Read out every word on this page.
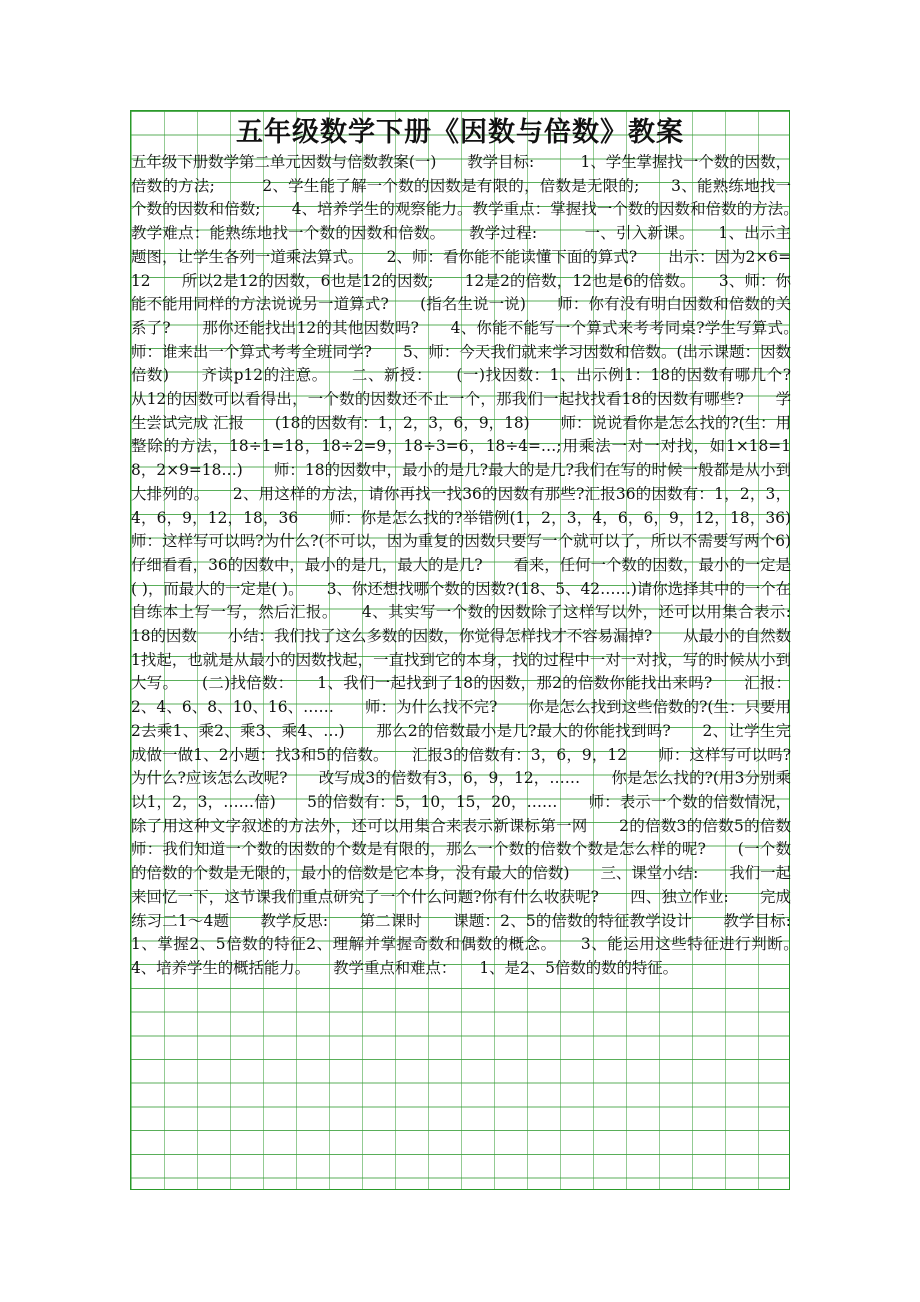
五年级数学下册《因数与倍数》教案

五年级下册数学第二单元因数与倍数教案(一)　　教学目标:　　　1、学生掌握找一个数的因数，倍数的方法;　　　2、学生能了解一个数的因数是有限的，倍数是无限的;　　3、能熟练地找一个数的因数和倍数;　　4、培养学生的观察能力。教学重点：掌握找一个数的因数和倍数的方法。　　教学难点：能熟练地找一个数的因数和倍数。　　教学过程:　　　一、引入新课。　　1、出示主题图，让学生各列一道乘法算式。　　2、师：看你能不能读懂下面的算式?　　出示：因为2×6=12　　所以2是12的因数，6也是12的因数;　　12是2的倍数，12也是6的倍数。　　3、师：你能不能用同样的方法说说另一道算式?　　(指名生说一说)　　师：你有没有明白因数和倍数的关系了?　　那你还能找出12的其他因数吗?　　4、你能不能写一个算式来考考同桌?学生写算式。　　师：谁来出一个算式考考全班同学?　　5、师：今天我们就来学习因数和倍数。(出示课题：因数 倍数)　　齐读p12的注意。　　二、新授：　　(一)找因数：1、出示例1：18的因数有哪几个?　　从12的因数可以看得出，一个数的因数还不止一个，那我们一起找找看18的因数有哪些?　　学生尝试完成 汇报　　(18的因数有：1，2，3，6，9，18)　　师：说说看你是怎么找的?(生：用整除的方法，18÷1=18，18÷2=9，18÷3=6，18÷4=…;用乘法一对一对找，如1×18=18，2×9=18…)　　师：18的因数中，最小的是几?最大的是几?我们在写的时候一般都是从小到大排列的。　　2、用这样的方法，请你再找一找36的因数有那些?汇报36的因数有：1，2，3，4，6，9，12，18，36　　师：你是怎么找的?举错例(1，2，3，4，6，6，9，12，18，36)　　师：这样写可以吗?为什么?(不可以，因为重复的因数只要写一个就可以了，所以不需要写两个6)　　仔细看看，36的因数中，最小的是几，最大的是几?　　看来，任何一个数的因数，最小的一定是( )，而最大的一定是( )。　　3、你还想找哪个数的因数?(18、5、42……)请你选择其中的一个在自练本上写一写，然后汇报。　　4、其实写一个数的因数除了这样写以外，还可以用集合表示:　　18的因数　　小结：我们找了这么多数的因数，你觉得怎样找才不容易漏掉?　　从最小的自然数1找起，也就是从最小的因数找起，一直找到它的本身，找的过程中一对一对找，写的时候从小到大写。　　(二)找倍数：　　1、我们一起找到了18的因数，那2的倍数你能找出来吗?　　汇报：2、4、6、8、10、16、……　　师：为什么找不完?　　你是怎么找到这些倍数的?(生：只要用2去乘1、乘2、乘3、乘4、…)　　那么2的倍数最小是几?最大的你能找到吗?　　2、让学生完成做一做1、2小题：找3和5的倍数。　　汇报3的倍数有：3，6，9，12　　师：这样写可以吗?为什么?应该怎么改呢?　　改写成3的倍数有3，6，9，12，……　　你是怎么找的?(用3分别乘以1，2，3，……倍)　　5的倍数有：5，10，15，20，……　　师：表示一个数的倍数情况，除了用这种文字叙述的方法外，还可以用集合来表示新课标第一网　　2的倍数3的倍数5的倍数　　师：我们知道一个数的因数的个数是有限的，那么一个数的倍数个数是怎么样的呢?　　(一个数的倍数的个数是无限的，最小的倍数是它本身，没有最大的倍数)　　三、课堂小结:　　我们一起来回忆一下，这节课我们重点研究了一个什么问题?你有什么收获呢?　　四、独立作业:　　完成练习二1～4题　　教学反思:　　第二课时　　课题：2、5的倍数的特征教学设计　　教学目标:　　1、掌握2、5倍数的特征2、理解并掌握奇数和偶数的概念。　　3、能运用这些特征进行判断。　　4、培养学生的概括能力。　　教学重点和难点：　　1、是2、5倍数的数的特征。
